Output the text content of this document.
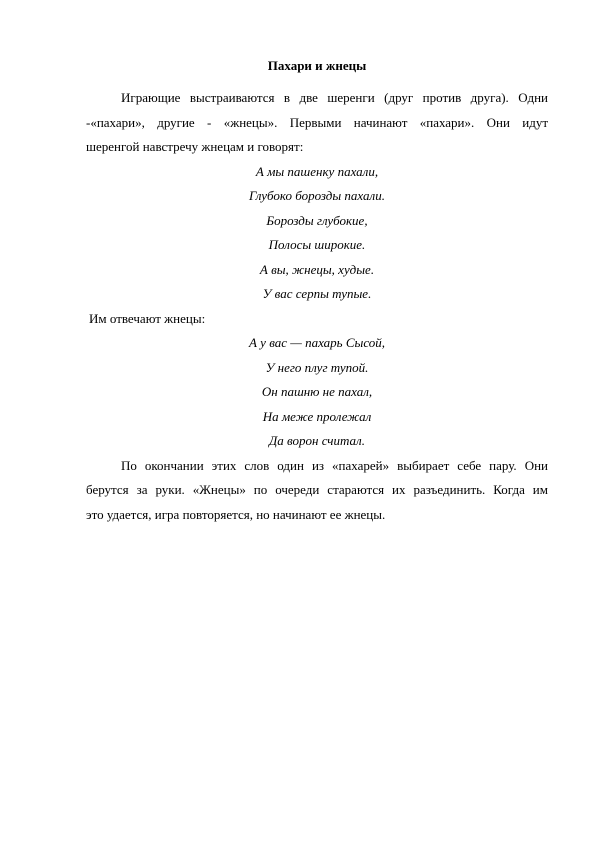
Пахари и жнецы

Играющие выстраиваются в две шеренги (друг против друга). Одни
-«пахари», другие - «жнецы». Первыми начинают «пахари». Они идут
шеренгой навстречу жнецам и говорят:

А мы пашенку пахали,
Глубоко борозды пахали.
Борозды глубокие,
Полосы широкие.
А вы, жнецы, худые.
У вас серпы тупые.

Им отвечают жнецы:

А у вас — пахарь Сысой,
У него плуг тупой.
Он пашню не пахал,
На меже пролежал
Да ворон считал.

По окончании этих слов один из «пахарей» выбирает себе пару. Они
берутся за руки. «Жнецы» по очереди стараются их разъединить. Когда им
это удается, игра повторяется, но начинают ее жнецы.
